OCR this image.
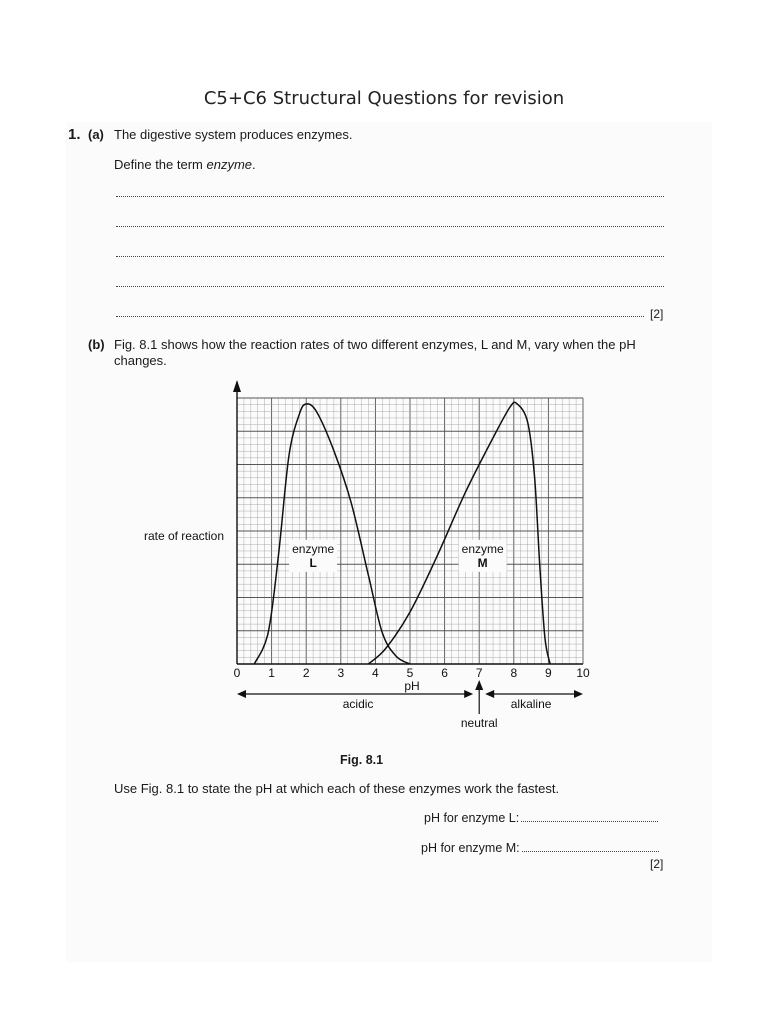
C5+C6 Structural Questions for revision
1. (a) The digestive system produces enzymes.
Define the term enzyme.
[2]
(b) Fig. 8.1 shows how the reaction rates of two different enzymes, L and M, vary when the pH changes.
0 1 2 3 4 5 6 7 8 9 10
pH
rate of reaction
enzyme
L
enzyme
M
acidic	alkaline
neutral
Fig. 8.1
Use Fig. 8.1 to state the pH at which each of these enzymes work the fastest.
pH for enzyme L:
pH for enzyme M:
[2]
